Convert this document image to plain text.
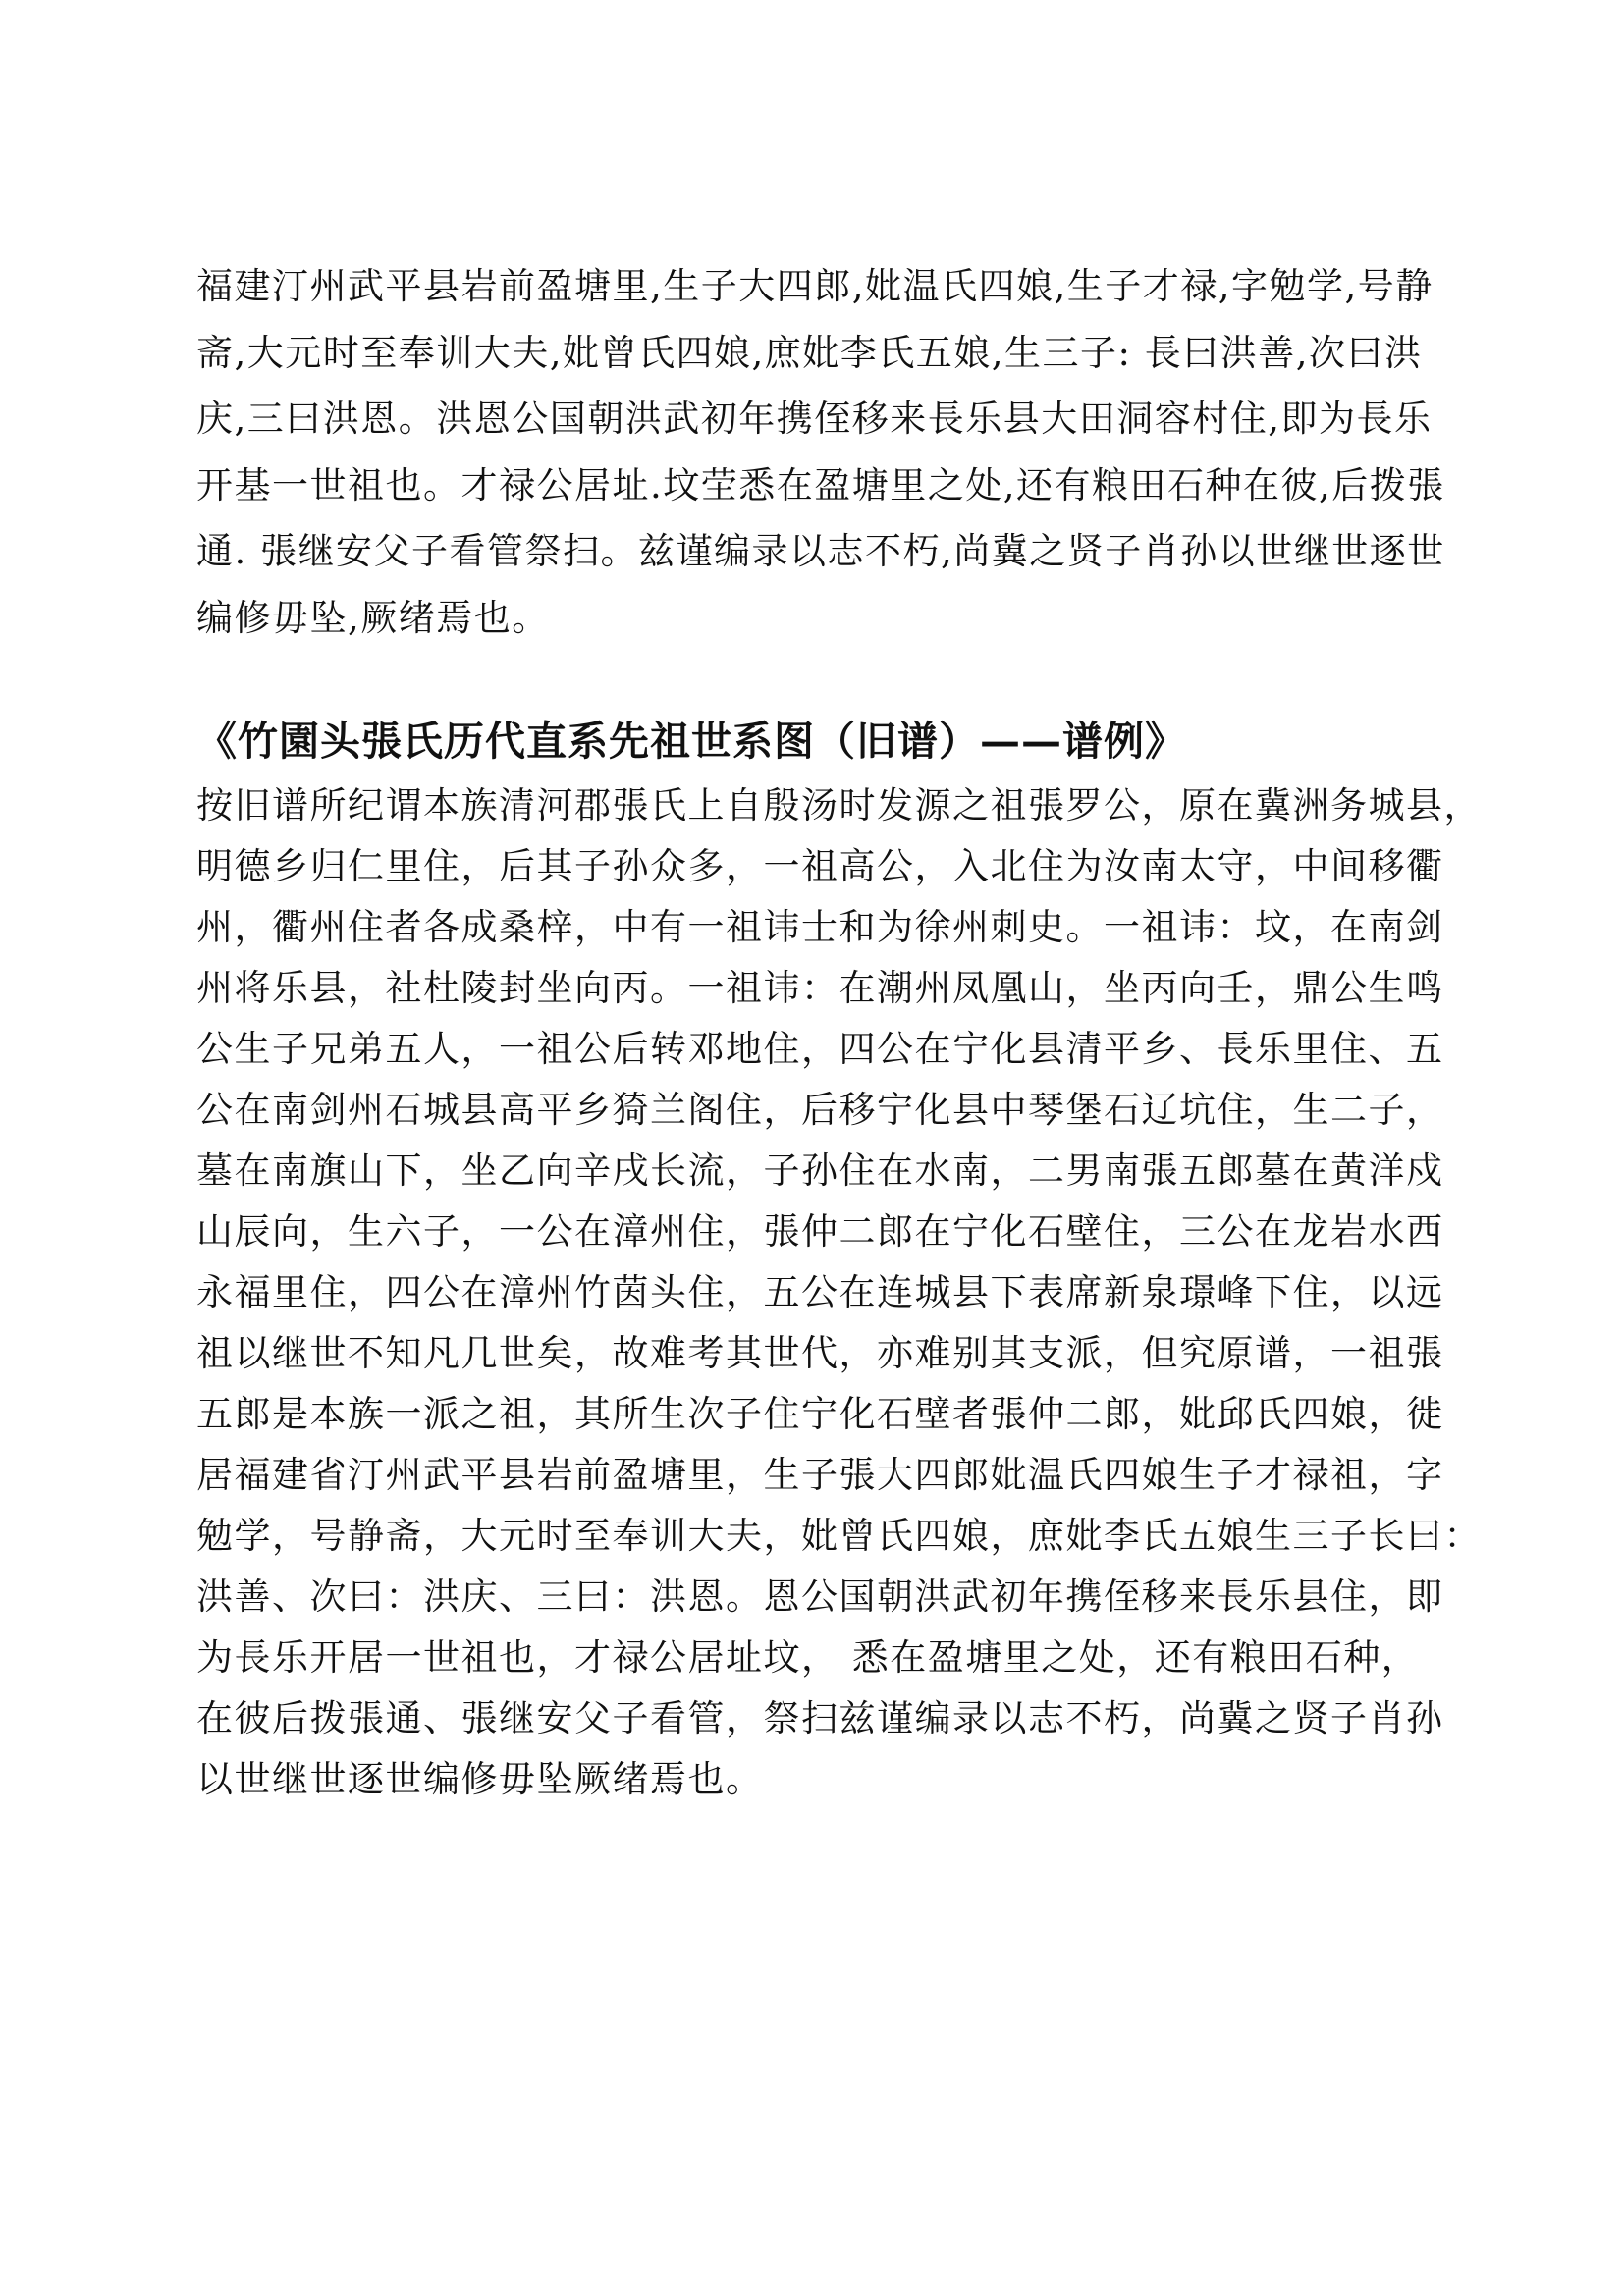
福建汀州武平县岩前盈塘里,生子大四郎,妣温氏四娘,生子才禄,字勉学,号静
斋,大元时至奉训大夫,妣曾氏四娘,庶妣李氏五娘,生三子: 長曰洪善,次曰洪
庆,三曰洪恩。洪恩公国朝洪武初年携侄移来長乐县大田洞容村住,即为長乐
开基一世祖也。才禄公居址.坟茔悉在盈塘里之处,还有粮田石种在彼,后拨張
通. 張继安父子看管祭扫。兹谨编录以志不朽,尚冀之贤子肖孙以世继世逐世
编修毋坠,厥绪焉也。
《竹園头張氏历代直系先祖世系图（旧谱）——谱例》
按旧谱所纪谓本族清河郡張氏上自殷汤时发源之祖張罗公，原在冀洲务城县，
明德乡归仁里住，后其子孙众多，一祖高公，入北住为汝南太守，中间移衢
州，衢州住者各成桑梓，中有一祖讳士和为徐州刺史。一祖讳：坟，在南剑
州将乐县，社杜陵封坐向丙。一祖讳：在潮州凤凰山，坐丙向壬，鼎公生鸣
公生子兄弟五人，一祖公后转邓地住，四公在宁化县清平乡、長乐里住、五
公在南剑州石城县高平乡猗兰阁住，后移宁化县中琴堡石辽坑住，生二子，
墓在南旗山下，坐乙向辛戌长流，子孙住在水南，二男南張五郎墓在黄洋戍
山辰向，生六子，一公在漳州住，張仲二郎在宁化石壁住，三公在龙岩水西
永福里住，四公在漳州竹茵头住，五公在连城县下表席新泉璟峰下住，以远
祖以继世不知凡几世矣，故难考其世代，亦难别其支派，但究原谱，一祖張
五郎是本族一派之祖，其所生次子住宁化石壁者張仲二郎，妣邱氏四娘，徙
居福建省汀州武平县岩前盈塘里，生子張大四郎妣温氏四娘生子才禄祖，字
勉学，号静斋，大元时至奉训大夫，妣曾氏四娘，庶妣李氏五娘生三子长曰：
洪善、次曰：洪庆、三曰：洪恩。恩公国朝洪武初年携侄移来長乐县住，即
为長乐开居一世祖也，才禄公居址坟， 悉在盈塘里之处，还有粮田石种，
在彼后拨張通、張继安父子看管，祭扫兹谨编录以志不朽，尚冀之贤子肖孙
以世继世逐世编修毋坠厥绪焉也。
